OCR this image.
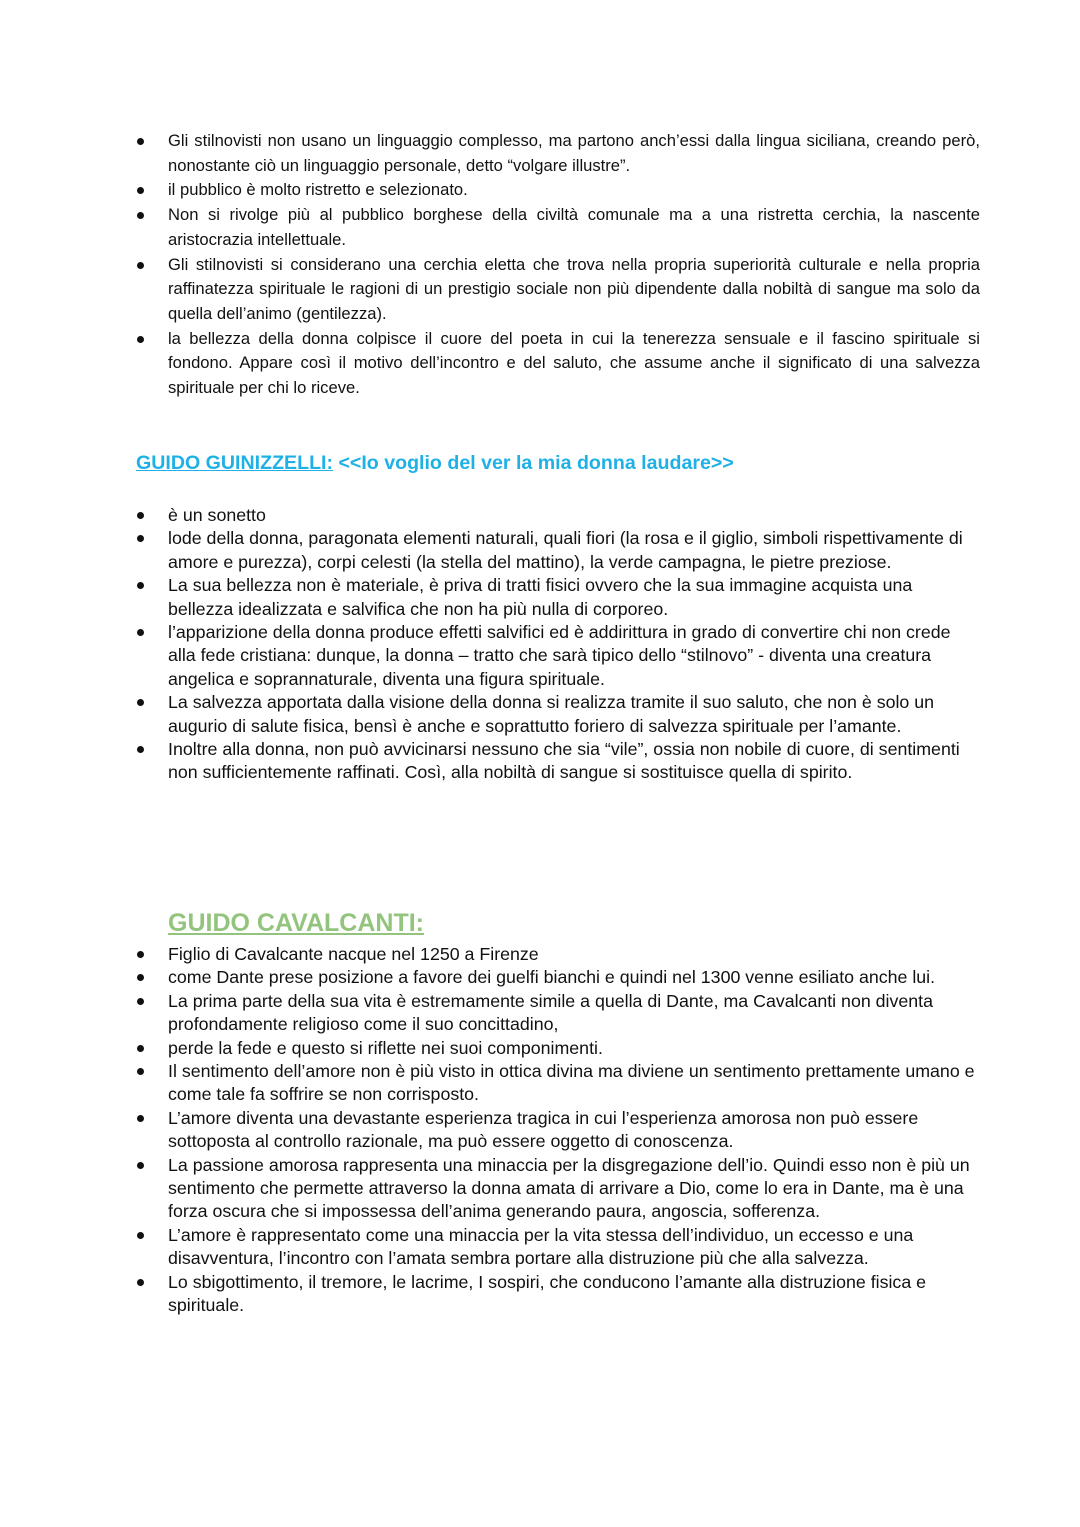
Gli stilnovisti non usano un linguaggio complesso, ma partono anch’essi dalla lingua siciliana, creando però, nonostante ciò un linguaggio personale, detto “volgare illustre”.
il pubblico è molto ristretto e selezionato.
Non si rivolge più al pubblico borghese della civiltà comunale ma a una ristretta cerchia, la nascente aristocrazia intellettuale.
Gli stilnovisti si considerano una cerchia eletta che trova nella propria superiorità culturale e nella propria raffinatezza spirituale le ragioni di un prestigio sociale non più dipendente dalla nobiltà di sangue ma solo da quella dell’animo (gentilezza).
la bellezza della donna colpisce il cuore del poeta in cui la tenerezza sensuale e il fascino spirituale si fondono. Appare così il motivo dell’incontro e del saluto, che assume anche il significato di una salvezza spirituale per chi lo riceve.
GUIDO GUINIZZELLI: <<Io voglio del ver la mia donna laudare>>
è un sonetto
lode della donna, paragonata elementi naturali, quali fiori (la rosa e il giglio, simboli rispettivamente di amore e purezza), corpi celesti (la stella del mattino), la verde campagna, le pietre preziose.
La sua bellezza non è materiale, è priva di tratti fisici ovvero che la sua immagine acquista una bellezza idealizzata e salvifica che non ha più nulla di corporeo.
l’apparizione della donna produce effetti salvifici ed è addirittura in grado di convertire chi non crede alla fede cristiana: dunque, la donna – tratto che sarà tipico dello “stilnovo” - diventa una creatura angelica e soprannaturale, diventa una figura spirituale.
La salvezza apportata dalla visione della donna si realizza tramite il suo saluto, che non è solo un augurio di salute fisica, bensì è anche e soprattutto foriero di salvezza spirituale per l’amante.
Inoltre alla donna, non può avvicinarsi nessuno che sia “vile”, ossia non nobile di cuore, di sentimenti non sufficientemente raffinati. Così, alla nobiltà di sangue si sostituisce quella di spirito.
GUIDO CAVALCANTI:
Figlio di Cavalcante nacque nel 1250 a Firenze
come Dante prese posizione a favore dei guelfi bianchi e quindi nel 1300 venne esiliato anche lui.
La prima parte della sua vita è estremamente simile a quella di Dante, ma Cavalcanti non diventa profondamente religioso come il suo concittadino,
perde la fede e questo si riflette nei suoi componimenti.
Il sentimento dell’amore non è più visto in ottica divina ma diviene un sentimento prettamente umano e come tale fa soffrire se non corrisposto.
L’amore diventa una devastante esperienza tragica in cui l’esperienza amorosa non può essere sottoposta al controllo razionale, ma può essere oggetto di conoscenza.
La passione amorosa rappresenta una minaccia per la disgregazione dell’io. Quindi esso non è più un sentimento che permette attraverso la donna amata di arrivare a Dio, come lo era in Dante, ma è una forza oscura che si impossessa dell’anima generando paura, angoscia, sofferenza.
L’amore è rappresentato come una minaccia per la vita stessa dell’individuo, un eccesso e una disavventura, l’incontro con l’amata sembra portare alla distruzione più che alla salvezza.
Lo sbigottimento, il tremore, le lacrime, I sospiri, che conducono l’amante alla distruzione fisica e spirituale.
